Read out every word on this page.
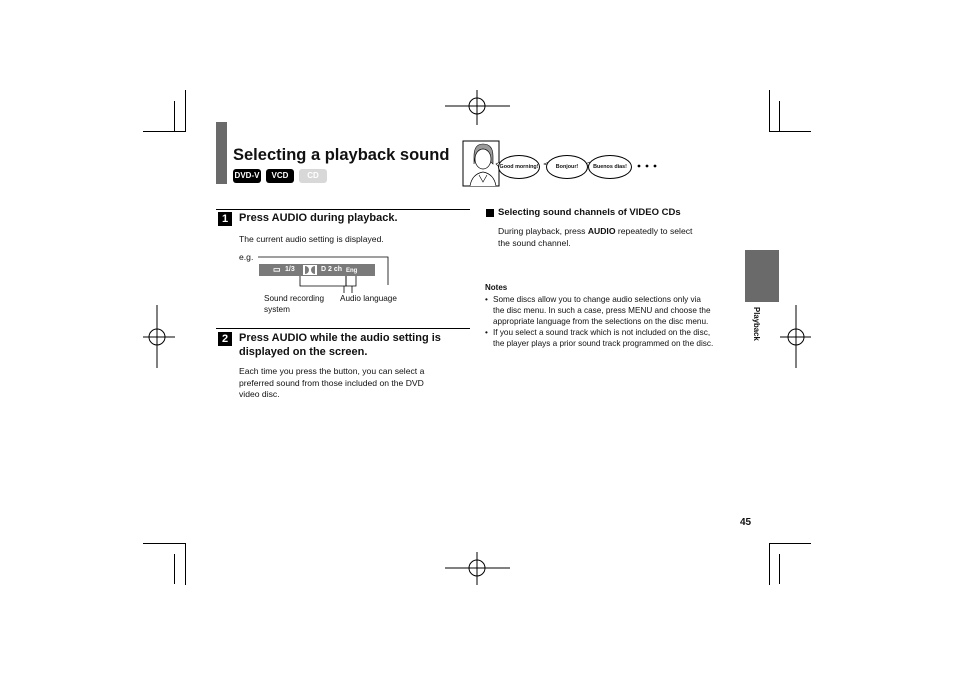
Selecting a playback sound
DVD-V	VCD	CD
Good morning!	Bonjour!	Buenos dias!
1 Press AUDIO during playback.
The current audio setting is displayed.
e.g.
▭ 1/3	D 2 ch Eng
Sound recording
system
Audio language
2 Press AUDIO while the audio setting is
displayed on the screen.
Each time you press the button, you can select a
preferred sound from those included on the DVD
video disc.
Selecting sound channels of VIDEO CDs
During playback, press AUDIO repeatedly to select
the sound channel.
Notes
• Some discs allow you to change audio selections only via
the disc menu. In such a case, press MENU and choose the
appropriate language from the selections on the disc menu.
• If you select a sound track which is not included on the disc,
the player plays a prior sound track programmed on the disc.
Playback
45
